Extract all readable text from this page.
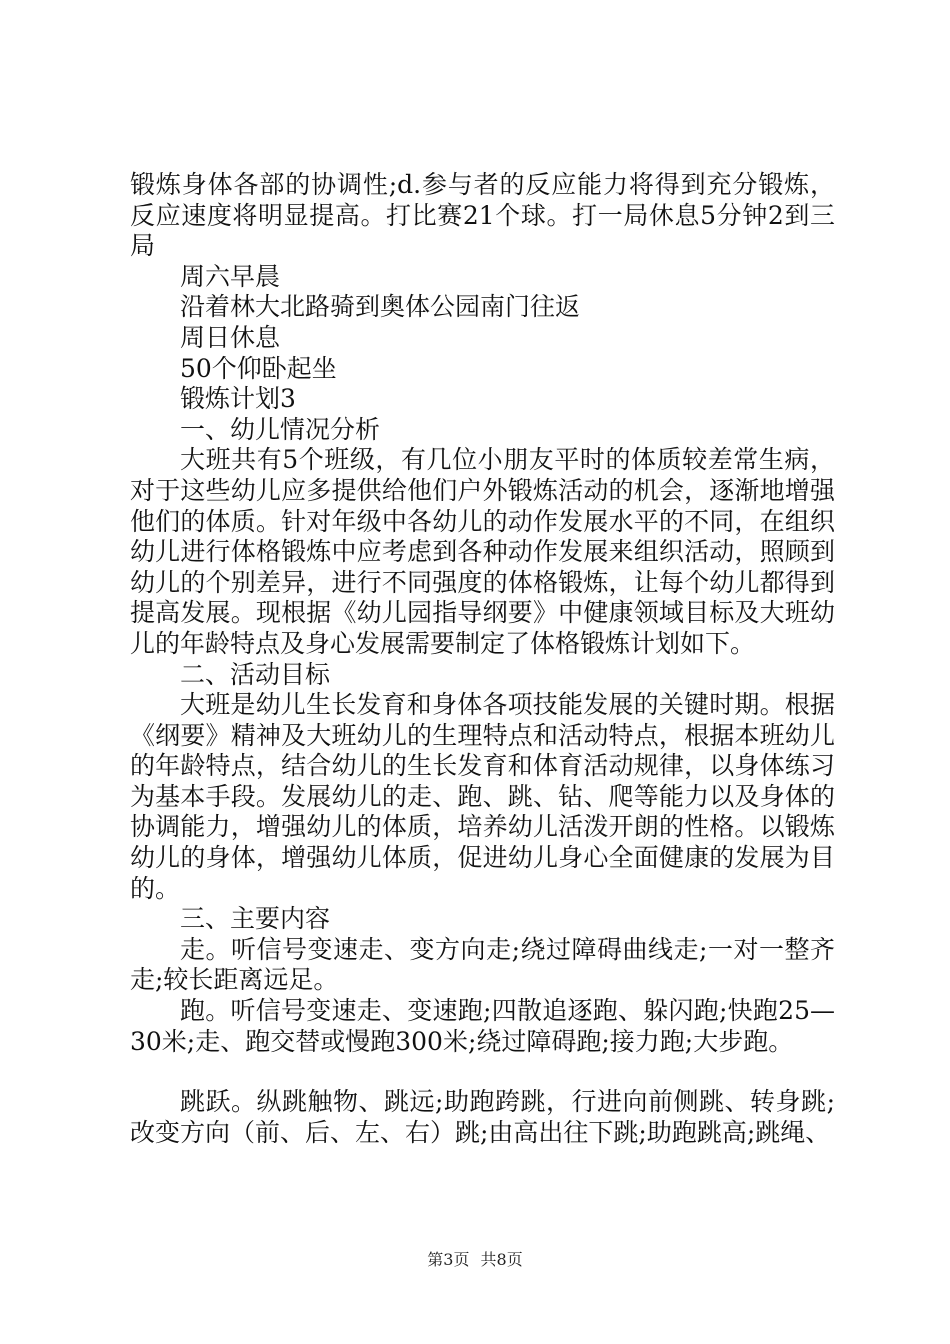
锻炼身体各部的协调性;d.参与者的反应能力将得到充分锻炼，反应速度将明显提高。打比赛21个球。打一局休息5分钟2到三局

周六早晨

沿着林大北路骑到奥体公园南门往返

周日休息

50个仰卧起坐

锻炼计划3

一、幼儿情况分析

大班共有5个班级，有几位小朋友平时的体质较差常生病，对于这些幼儿应多提供给他们户外锻炼活动的机会，逐渐地增强他们的体质。针对年级中各幼儿的动作发展水平的不同，在组织幼儿进行体格锻炼中应考虑到各种动作发展来组织活动，照顾到幼儿的个别差异，进行不同强度的体格锻炼，让每个幼儿都得到提高发展。现根据《幼儿园指导纲要》中健康领域目标及大班幼儿的年龄特点及身心发展需要制定了体格锻炼计划如下。

二、活动目标

大班是幼儿生长发育和身体各项技能发展的关键时期。根据《纲要》精神及大班幼儿的生理特点和活动特点，根据本班幼儿的年龄特点，结合幼儿的生长发育和体育活动规律，以身体练习为基本手段。发展幼儿的走、跑、跳、钻、爬等能力以及身体的协调能力，增强幼儿的体质，培养幼儿活泼开朗的性格。以锻炼幼儿的身体，增强幼儿体质，促进幼儿身心全面健康的发展为目的。

三、主要内容

走。听信号变速走、变方向走;绕过障碍曲线走;一对一整齐走;较长距离远足。

跑。听信号变速走、变速跑;四散追逐跑、躲闪跑;快跑25—30米;走、跑交替或慢跑300米;绕过障碍跑;接力跑;大步跑。

跳跃。纵跳触物、跳远;助跑跨跳，行进向前侧跳、转身跳;改变方向（前、后、左、右）跳;由高出往下跳;助跑跳高;跳绳、

第3页 共8页
